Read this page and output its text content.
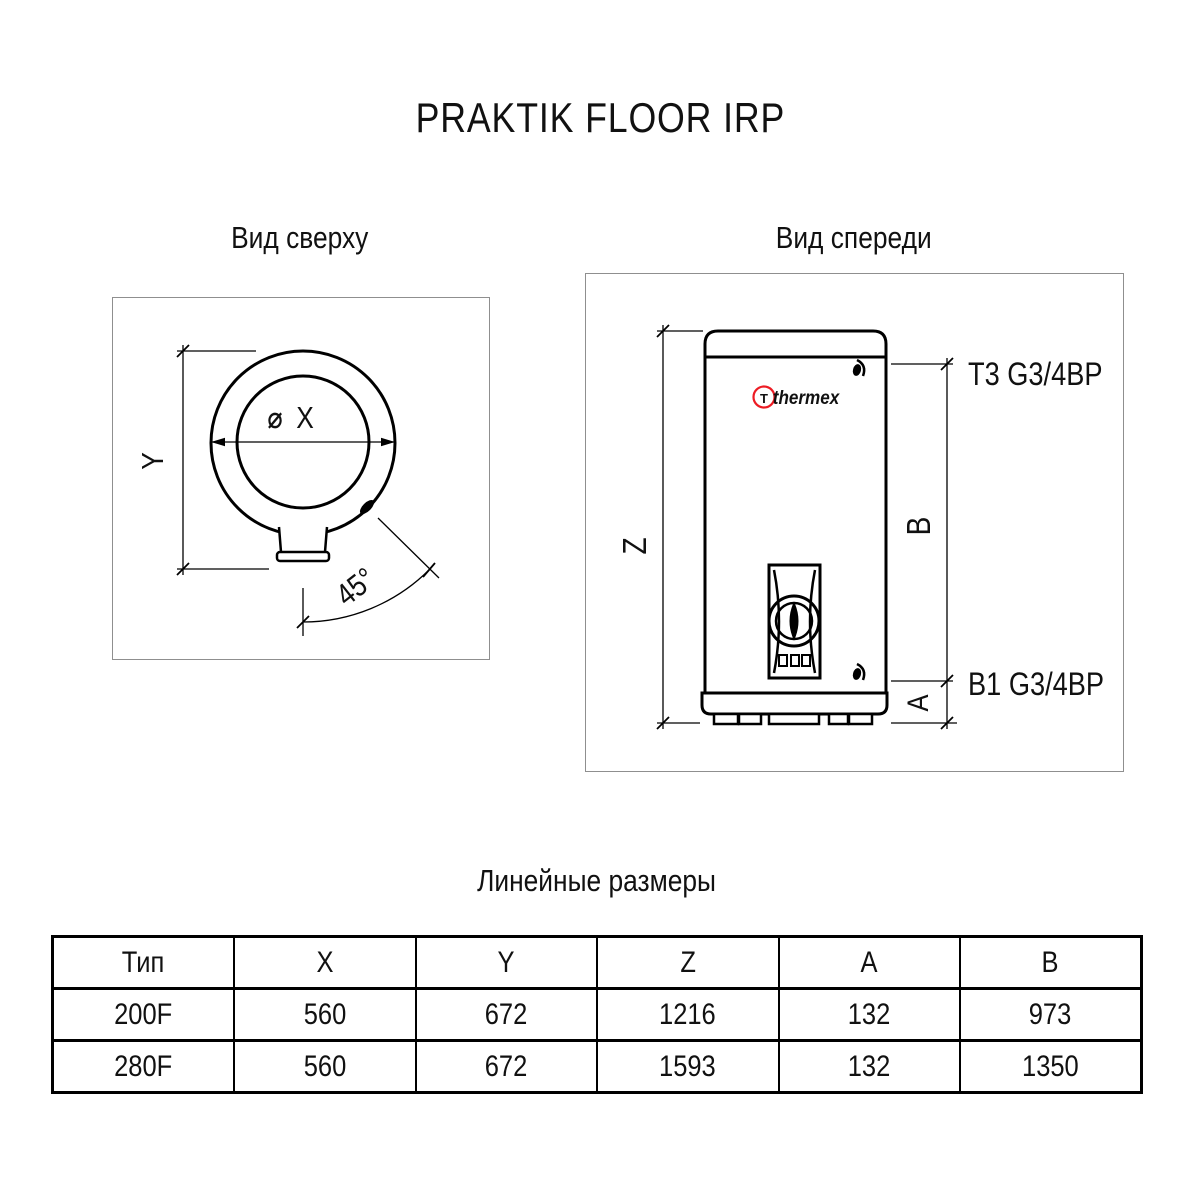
PRAKTIK FLOOR IRP
Вид сверху	Вид спереди
⌀ X
Y
45°
T thermex
Z
B
A
T3 G3/4BP
B1 G3/4BP
Линейные размеры
Тип	X	Y	Z	A	B
200F	560	672	1216	132	973
280F	560	672	1593	132	1350
